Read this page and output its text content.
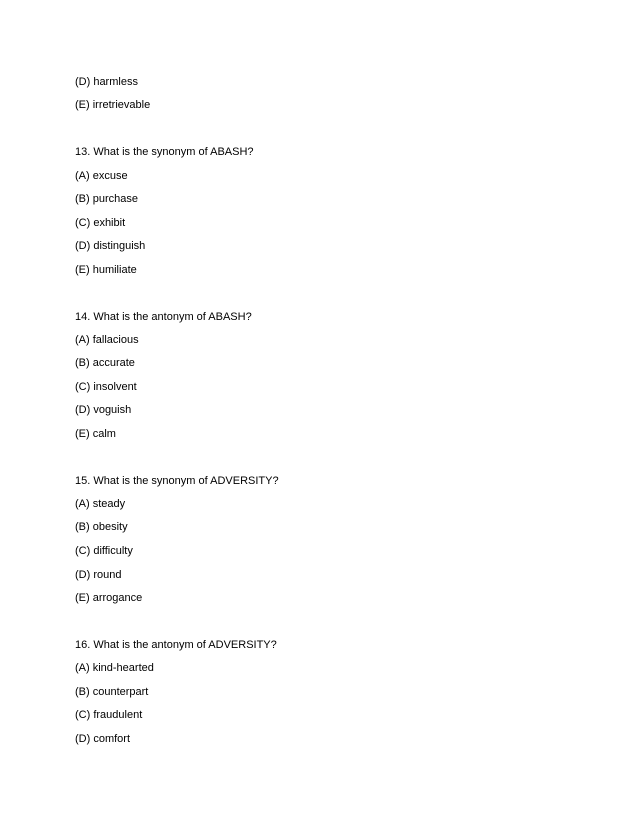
(D) harmless
(E) irretrievable
13. What is the synonym of ABASH?
(A) excuse
(B) purchase
(C) exhibit
(D) distinguish
(E) humiliate
14. What is the antonym of ABASH?
(A) fallacious
(B) accurate
(C) insolvent
(D) voguish
(E) calm
15. What is the synonym of ADVERSITY?
(A) steady
(B) obesity
(C) difficulty
(D) round
(E) arrogance
16. What is the antonym of ADVERSITY?
(A) kind-hearted
(B) counterpart
(C) fraudulent
(D) comfort
